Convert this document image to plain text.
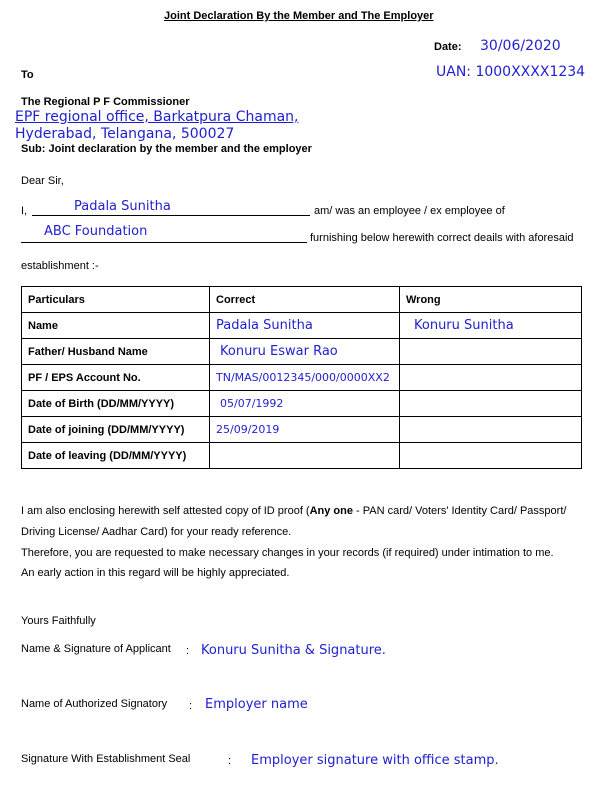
Joint Declaration By the Member and The Employer
Date: 30/06/2020
UAN: 1000XXXX1234
To
The Regional P F Commissioner
EPF regional office, Barkatpura Chaman,
Hyderabad, Telangana, 500027
Sub: Joint declaration by the member and the employer
Dear Sir,
I,	Padala Sunitha	am/ was an employee / ex employee of
ABC Foundation	furnishing below herewith correct deails with aforesaid
establishment :-
Particulars	Correct	Wrong
Name	Padala Sunitha	Konuru Sunitha
Father/ Husband Name	Konuru Eswar Rao	
PF / EPS Account No.	TN/MAS/0012345/000/0000XX2	
Date of Birth (DD/MM/YYYY)	05/07/1992	
Date of joining (DD/MM/YYYY)	25/09/2019	
Date of leaving (DD/MM/YYYY)		
I am also enclosing herewith self attested copy of ID proof (Any one - PAN card/ Voters' Identity Card/ Passport/
Driving License/ Aadhar Card) for your ready reference.
Therefore, you are requested to make necessary changes in your records (if required) under intimation to me.
An early action in this regard will be highly appreciated.
Yours Faithfully
Name & Signature of Applicant : Konuru Sunitha & Signature.
Name of Authorized Signatory : Employer name
Signature With Establishment Seal	: Employer signature with office stamp.
